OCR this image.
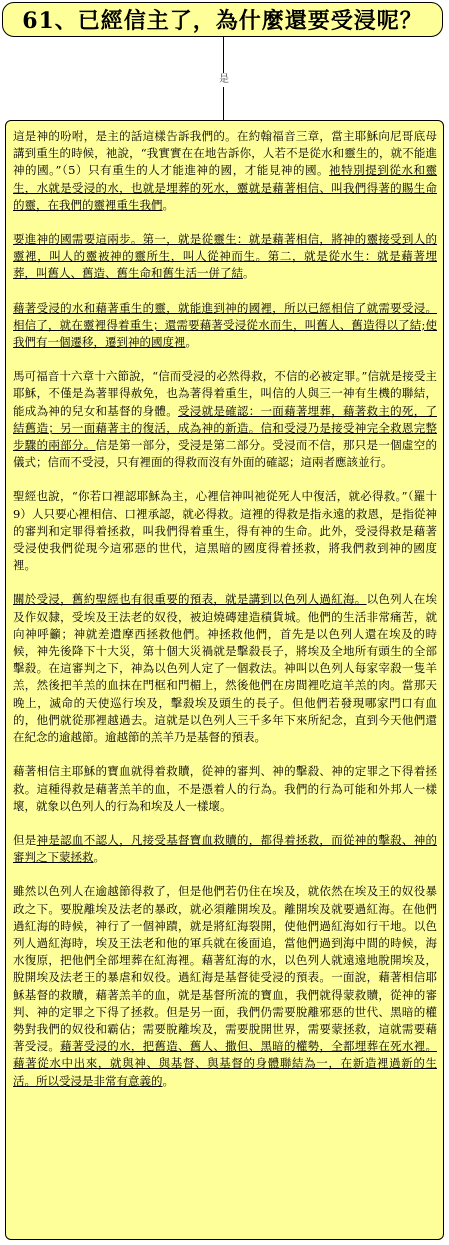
61、已經信主了，為什麼還要受浸呢？
是

這是神的吩咐，是主的話這樣告訴我們的。在約翰福音三章，當主耶穌向尼哥底母講到重生的時候，祂說，“我實實在在地告訴你，人若不是從水和靈生的，就不能進神的國。”（5）只有重生的人才能進神的國，才能見神的國。祂特別提到從水和靈生，水就是受浸的水，也就是埋葬的死水，靈就是藉著相信、叫我們得著的賜生命的靈，在我們的靈裡重生我們。

要進神的國需要這兩步。第一，就是從靈生：就是藉著相信，將神的靈接受到人的靈裡，叫人的靈被神的靈所生，叫人從神而生。第二，就是從水生：就是藉著埋葬，叫舊人、舊造、舊生命和舊生活一併了結。

藉著受浸的水和藉著重生的靈，就能進到神的國裡，所以已經相信了就需要受浸。相信了，就在靈裡得着重生；還需要藉著受浸從水而生，叫舊人、舊造得以了結;使我們有一個遷移，遷到神的國度裡。

馬可福音十六章十六節說，“信而受浸的必然得救，不信的必被定罪。”信就是接受主耶穌，不僅是為著罪得赦免，也為著得着重生，叫信的人與三一神有生機的聯結，能成為神的兒女和基督的身體。受浸就是確認：一面藉著埋葬，藉著救主的死，了結舊造；另一面藉著主的復活，成為神的新造。信和受浸乃是接受神完全救恩完整步驟的兩部分。信是第一部分，受浸是第二部分。受浸而不信，那只是一個虛空的儀式；信而不受浸，只有裡面的得救而沒有外面的確認；這兩者應該並行。

聖經也說，“你若口裡認耶穌為主，心裡信神叫祂從死人中復活，就必得救。”（羅十9）人只要心裡相信、口裡承認，就必得救。這裡的得救是指永遠的救恩，是指從神的審判和定罪得着拯救，叫我們得着重生，得有神的生命。此外，受浸得救是藉著受浸使我們從現今這邪惡的世代，這黑暗的國度得着拯救，將我們救到神的國度裡。

關於受浸，舊約聖經也有很重要的預表，就是講到以色列人過紅海。以色列人在埃及作奴隸，受埃及王法老的奴役，被迫燒磚建造積貨城。他們的生活非常痛苦，就向神呼籲；神就差遣摩西拯救他們。神拯救他們，首先是以色列人還在埃及的時候，神先後降下十大災，第十個大災禍就是擊殺長子，將埃及全地所有頭生的全部擊殺。在這審判之下，神為以色列人定了一個救法。神叫以色列人每家宰殺一隻羊羔，然後把羊羔的血抹在門框和門楣上，然後他們在房間裡吃這羊羔的肉。當那天晚上，滅命的天使巡行埃及，擊殺埃及頭生的長子。但他們若發現哪家門口有血的，他們就從那裡越過去。這就是以色列人三千多年下來所紀念，直到今天他們還在紀念的逾越節。逾越節的羔羊乃是基督的預表。

藉著相信主耶穌的寶血就得着救贖，從神的審判、神的擊殺、神的定罪之下得着拯救。這種得救是藉著羔羊的血，不是憑着人的行為。我們的行為可能和外邦人一樣壞，就象以色列人的行為和埃及人一樣壞。

但是神是認血不認人，凡接受基督寶血救贖的，都得着拯救，而從神的擊殺、神的審判之下蒙拯救。

雖然以色列人在逾越節得救了，但是他們若仍住在埃及，就依然在埃及王的奴役暴政之下。要脫離埃及法老的暴政，就必須離開埃及。離開埃及就要過紅海。在他們過紅海的時候，神行了一個神蹟，就是將紅海裂開，使他們過紅海如行干地。以色列人過紅海時，埃及王法老和他的軍兵就在後面追，當他們過到海中間的時候，海水復原，把他們全部埋葬在紅海裡。藉著紅海的水，以色列人就遠遠地脫開埃及，脫開埃及法老王的暴虐和奴役。過紅海是基督徒受浸的預表。一面說，藉著相信耶穌基督的救贖，藉著羔羊的血，就是基督所流的寶血，我們就得蒙救贖，從神的審判、神的定罪之下得了拯救。但是另一面，我們仍需要脫離邪惡的世代、黑暗的權勢對我們的奴役和霸佔；需要脫離埃及，需要脫開世界，需要蒙拯救，這就需要藉著受浸。藉著受浸的水，把舊造、舊人、撒但、黑暗的權勢，全都埋葬在死水裡。藉著從水中出來，就與神、與基督、與基督的身體聯結為一，在新造裡過新的生活。所以受浸是非常有意義的。
